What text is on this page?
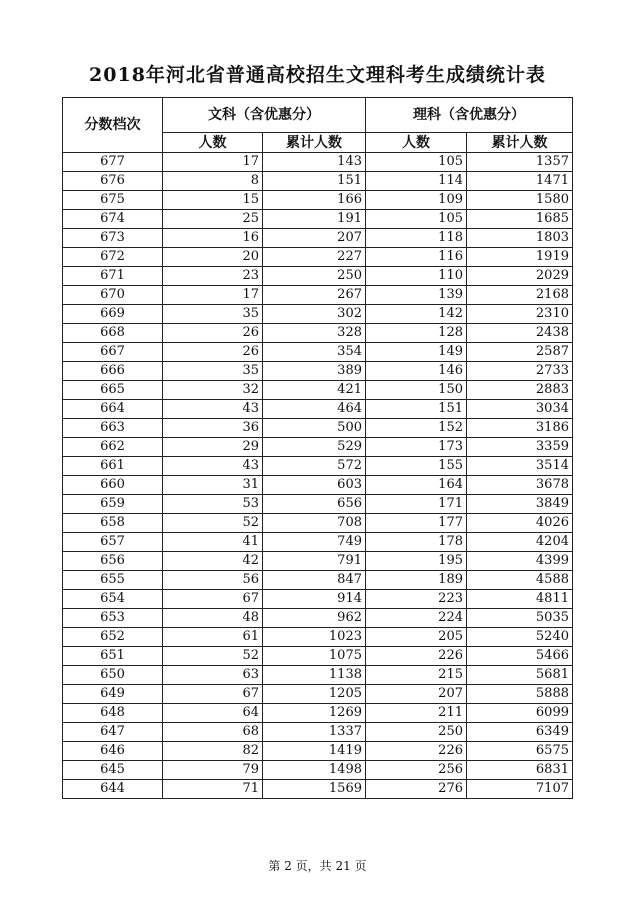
2018年河北省普通高校招生文理科考生成绩统计表
分数档次	文科（含优惠分）		理科（含优惠分）	
	人数	累计人数	人数	累计人数
677	17	143	105	1357
676	8	151	114	1471
675	15	166	109	1580
674	25	191	105	1685
673	16	207	118	1803
672	20	227	116	1919
671	23	250	110	2029
670	17	267	139	2168
669	35	302	142	2310
668	26	328	128	2438
667	26	354	149	2587
666	35	389	146	2733
665	32	421	150	2883
664	43	464	151	3034
663	36	500	152	3186
662	29	529	173	3359
661	43	572	155	3514
660	31	603	164	3678
659	53	656	171	3849
658	52	708	177	4026
657	41	749	178	4204
656	42	791	195	4399
655	56	847	189	4588
654	67	914	223	4811
653	48	962	224	5035
652	61	1023	205	5240
651	52	1075	226	5466
650	63	1138	215	5681
649	67	1205	207	5888
648	64	1269	211	6099
647	68	1337	250	6349
646	82	1419	226	6575
645	79	1498	256	6831
644	71	1569	276	7107
第 2 页，共 21 页
